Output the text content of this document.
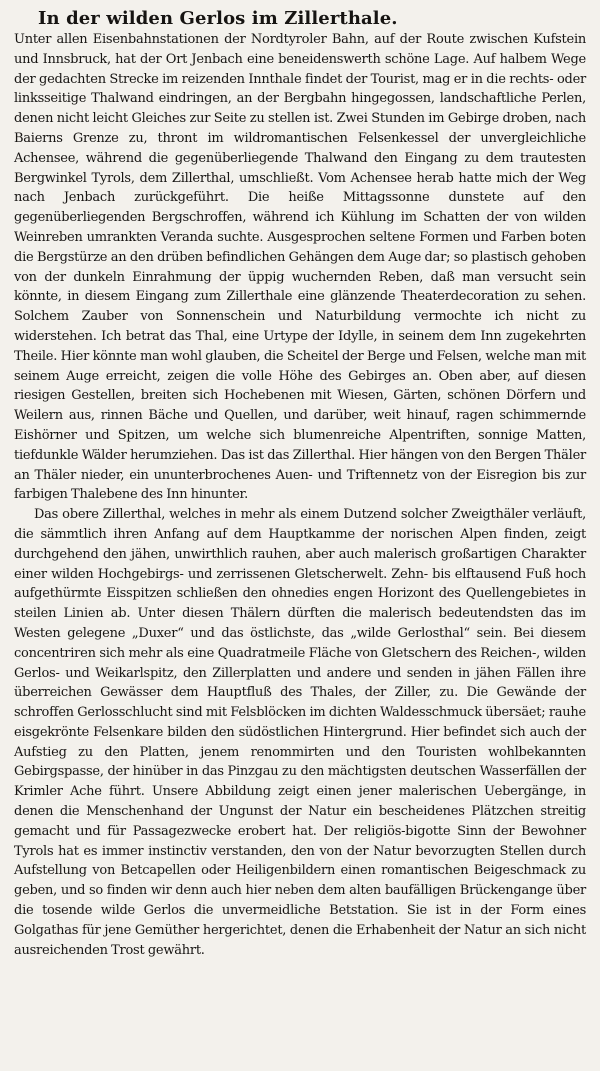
In der wilden Gerlos im Zillerthale.

Unter allen Eisenbahnstationen der Nordtyroler Bahn, auf der Route zwischen Kufstein und Innsbruck, hat der Ort Jenbach eine beneidenswerth schöne Lage. Auf halbem Wege der gedachten Strecke im reizenden Innthale findet der Tourist, mag er in die rechts- oder linksseitige Thalwand eindringen, an der Bergbahn hingegossen, landschaftliche Perlen, denen nicht leicht Gleiches zur Seite zu stellen ist. Zwei Stunden im Gebirge droben, nach Baierns Grenze zu, thront im wildromantischen Felsenkessel der unvergleichliche Achensee, während die gegenüberliegende Thalwand den Eingang zu dem trautesten Bergwinkel Tyrols, dem Zillerthal, umschließt. Vom Achensee herab hatte mich der Weg nach Jenbach zurückgeführt. Die heiße Mittagssonne dunstete auf den gegenüberliegenden Bergschroffen, während ich Kühlung im Schatten der von wilden Weinreben umrankten Veranda suchte. Ausgesprochen seltene Formen und Farben boten die Bergstürze an den drüben befindlichen Gehängen dem Auge dar; so plastisch gehoben von der dunkeln Einrahmung der üppig wuchernden Reben, daß man versucht sein könnte, in diesem Eingang zum Zillerthale eine glänzende Theaterdecoration zu sehen. Solchem Zauber von Sonnenschein und Naturbildung vermochte ich nicht zu widerstehen. Ich betrat das Thal, eine Urtype der Idylle, in seinem dem Inn zugekehrten Theile. Hier könnte man wohl glauben, die Scheitel der Berge und Felsen, welche man mit seinem Auge erreicht, zeigen die volle Höhe des Gebirges an. Oben aber, auf diesen riesigen Gestellen, breiten sich Hochebenen mit Wiesen, Gärten, schönen Dörfern und Weilern aus, rinnen Bäche und Quellen, und darüber, weit hinauf, ragen schimmernde Eishörner und Spitzen, um welche sich blumenreiche Alpentriften, sonnige Matten, tiefdunkle Wälder herumziehen. Das ist das Zillerthal. Hier hängen von den Bergen Thäler an Thäler nieder, ein ununterbrochenes Auen- und Triftennetz von der Eisregion bis zur farbigen Thalebene des Inn hinunter.

Das obere Zillerthal, welches in mehr als einem Dutzend solcher Zweigthäler verläuft, die sämmtlich ihren Anfang auf dem Hauptkamme der norischen Alpen finden, zeigt durchgehend den jähen, unwirthlich rauhen, aber auch malerisch großartigen Charakter einer wilden Hochgebirgs- und zerrissenen Gletscherwelt. Zehn- bis elftausend Fuß hoch aufgethürmte Eisspitzen schließen den ohnedies engen Horizont des Quellengebietes in steilen Linien ab. Unter diesen Thälern dürften die malerisch bedeutendsten das im Westen gelegene „Duxer“ und das östlichste, das „wilde Gerlosthal“ sein. Bei diesem concentriren sich mehr als eine Quadratmeile Fläche von Gletschern des Reichen-, wilden Gerlos- und Weikarlspitz, den Zillerplatten und andere und senden in jähen Fällen ihre überreichen Gewässer dem Hauptfluß des Thales, der Ziller, zu. Die Gewände der schroffen Gerlosschlucht sind mit Felsblöcken im dichten Waldesschmuck übersäet; rauhe eisgekrönte Felsenkare bilden den südöstlichen Hintergrund. Hier befindet sich auch der Aufstieg zu den Platten, jenem renommirten und den Touristen wohlbekannten Gebirgspasse, der hinüber in das Pinzgau zu den mächtigsten deutschen Wasserfällen der Krimler Ache führt. Unsere Abbildung zeigt einen jener malerischen Uebergänge, in denen die Menschenhand der Ungunst der Natur ein bescheidenes Plätzchen streitig gemacht und für Passagezwecke erobert hat. Der religiös-bigotte Sinn der Bewohner Tyrols hat es immer instinctiv verstanden, den von der Natur bevorzugten Stellen durch Aufstellung von Betcapellen oder Heiligenbildern einen romantischen Beigeschmack zu geben, und so finden wir denn auch hier neben dem alten baufälligen Brückengange über die tosende wilde Gerlos die unvermeidliche Betstation. Sie ist in der Form eines Golgathas für jene Gemüther hergerichtet, denen die Erhabenheit der Natur an sich nicht ausreichenden Trost gewährt.
